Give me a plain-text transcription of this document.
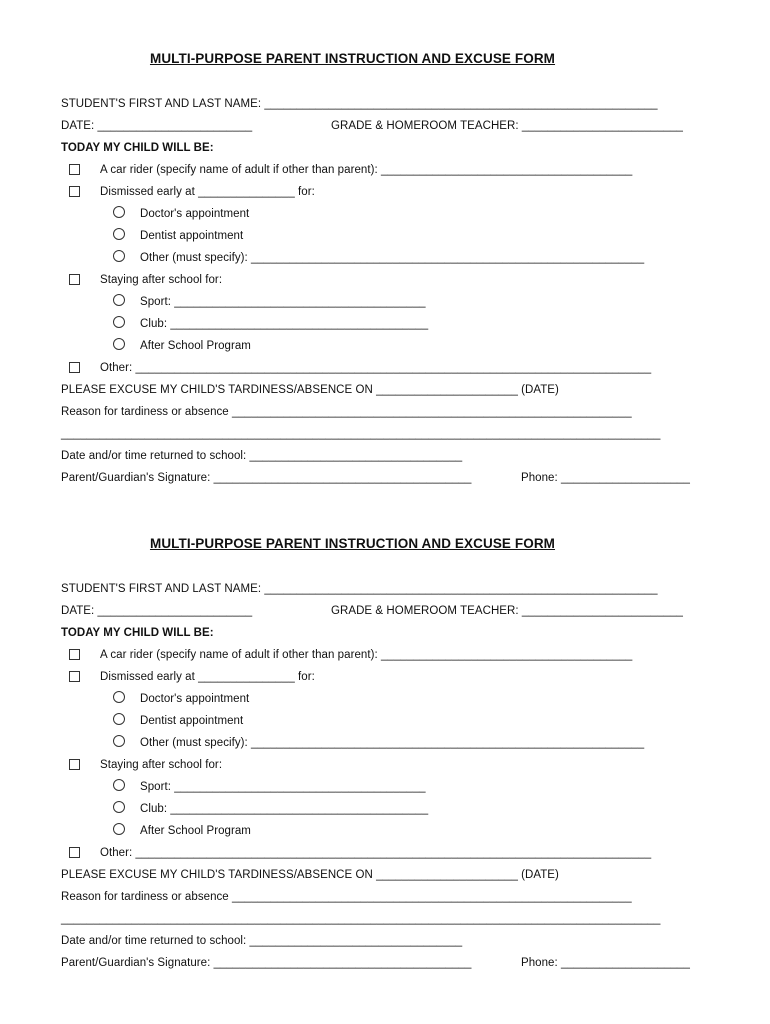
MULTI-PURPOSE PARENT INSTRUCTION AND EXCUSE FORM
STUDENT'S FIRST AND LAST NAME: _____________________________________________________________
DATE: ________________________	GRADE & HOMEROOM TEACHER: _________________________
TODAY MY CHILD WILL BE:
A car rider (specify name of adult if other than parent): _______________________________________
Dismissed early at _______________ for:
Doctor's appointment
Dentist appointment
Other (must specify): _____________________________________________________________
Staying after school for:
Sport: _______________________________________
Club: ________________________________________
After School Program
Other: ________________________________________________________________________________
PLEASE EXCUSE MY CHILD'S TARDINESS/ABSENCE ON ______________________ (DATE)
Reason for tardiness or absence ______________________________________________________________
_____________________________________________________________________________________________
Date and/or time returned to school: _________________________________
Parent/Guardian's Signature: ________________________________________	Phone: ____________________
MULTI-PURPOSE PARENT INSTRUCTION AND EXCUSE FORM
STUDENT'S FIRST AND LAST NAME: _____________________________________________________________
DATE: ________________________	GRADE & HOMEROOM TEACHER: _________________________
TODAY MY CHILD WILL BE:
A car rider (specify name of adult if other than parent): _______________________________________
Dismissed early at _______________ for:
Doctor's appointment
Dentist appointment
Other (must specify): _____________________________________________________________
Staying after school for:
Sport: _______________________________________
Club: ________________________________________
After School Program
Other: ________________________________________________________________________________
PLEASE EXCUSE MY CHILD'S TARDINESS/ABSENCE ON ______________________ (DATE)
Reason for tardiness or absence ______________________________________________________________
_____________________________________________________________________________________________
Date and/or time returned to school: _________________________________
Parent/Guardian's Signature: ________________________________________	Phone: ____________________
